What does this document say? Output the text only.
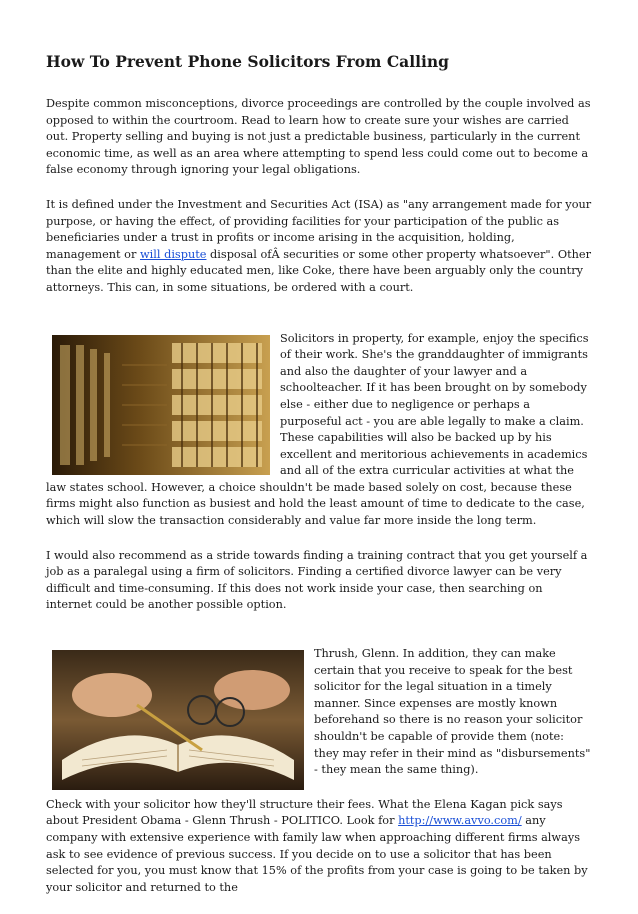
How To Prevent Phone Solicitors From Calling

Despite common misconceptions, divorce proceedings are controlled by the couple involved as opposed to within the courtroom. Read to learn how to create sure your wishes are carried out. Property selling and buying is not just a predictable business, particularly in the current economic time, as well as an area where attempting to spend less could come out to become a false economy through ignoring your legal obligations.

It is defined under the Investment and Securities Act (ISA) as "any arrangement made for your purpose, or having the effect, of providing facilities for your participation of the public as beneficiaries under a trust in profits or income arising in the acquisition, holding, management or will dispute disposal ofÂ securities or some other property whatsoever". Other than the elite and highly educated men, like Coke, there have been arguably only the country attorneys. This can, in some situations, be ordered with a court.

Solicitors in property, for example, enjoy the specifics of their work. She's the granddaughter of immigrants and also the daughter of your lawyer and a schoolteacher. If it has been brought on by somebody else - either due to negligence or perhaps a purposeful act - you are able legally to make a claim. These capabilities will also be backed up by his excellent and meritorious achievements in academics and all of the extra curricular activities at what the law states school. However, a choice shouldn't be made based solely on cost, because these firms might also function as busiest and hold the least amount of time to dedicate to the case, which will slow the transaction considerably and value far more inside the long term.

I would also recommend as a stride towards finding a training contract that you get yourself a job as a paralegal using a firm of solicitors. Finding a certified divorce lawyer can be very difficult and time-consuming. If this does not work inside your case, then searching on internet could be another possible option.

Thrush, Glenn. In addition, they can make certain that you receive to speak for the best solicitor for the legal situation in a timely manner. Since expenses are mostly known beforehand so there is no reason your solicitor shouldn't be capable of provide them (note: they may refer in their mind as "disbursements" - they mean the same thing).

Check with your solicitor how they'll structure their fees. What the Elena Kagan pick says about President Obama - Glenn Thrush - POLITICO. Look for http://www.avvo.com/ any company with extensive experience with family law when approaching different firms always ask to see evidence of previous success. If you decide on to use a solicitor that has been selected for you, you must know that 15% of the profits from your case is going to be taken by your solicitor and returned to the
